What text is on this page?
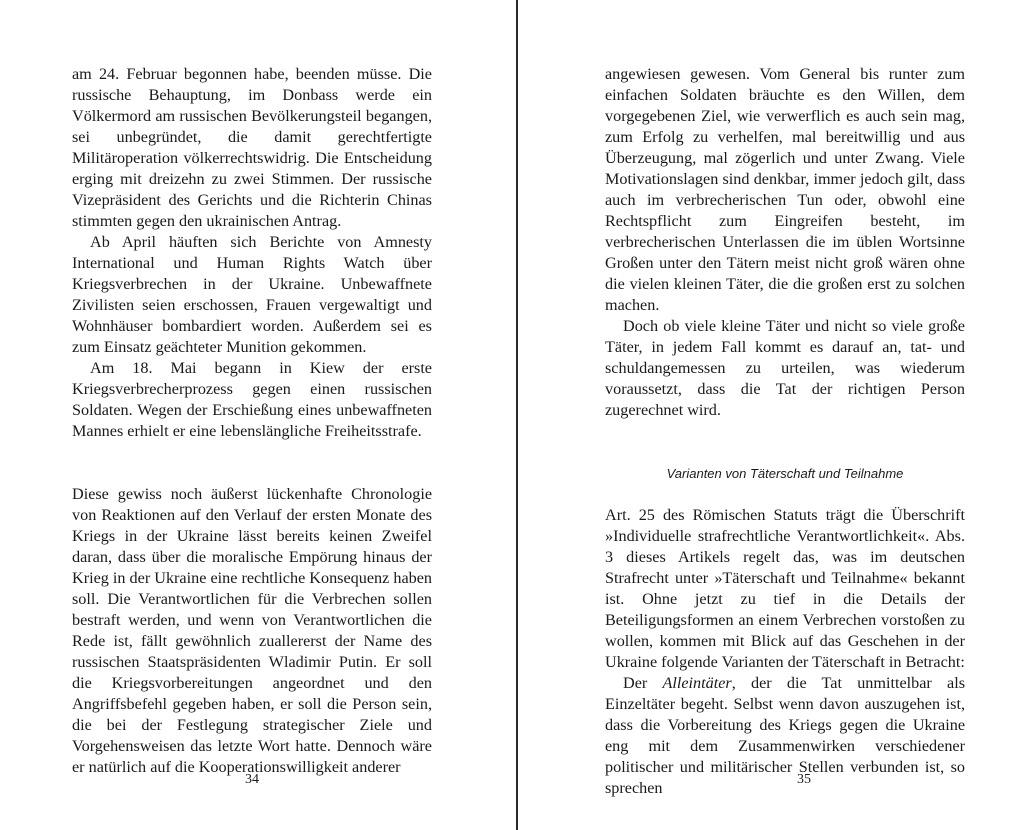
am 24. Februar begonnen habe, beenden müsse. Die russische Behauptung, im Donbass werde ein Völkermord am russischen Bevölkerungsteil begangen, sei unbegründet, die damit gerechtfertigte Militäroperation völkerrechtswidrig. Die Entscheidung erging mit dreizehn zu zwei Stimmen. Der russische Vizepräsident des Gerichts und die Richterin Chinas stimmten gegen den ukrainischen Antrag.

Ab April häuften sich Berichte von Amnesty International und Human Rights Watch über Kriegsverbrechen in der Ukraine. Unbewaffnete Zivilisten seien erschossen, Frauen vergewaltigt und Wohnhäuser bombardiert worden. Außerdem sei es zum Einsatz geächteter Munition gekommen.

Am 18. Mai begann in Kiew der erste Kriegsverbrecherprozess gegen einen russischen Soldaten. Wegen der Erschießung eines unbewaffneten Mannes erhielt er eine lebenslängliche Freiheitsstrafe.

Diese gewiss noch äußerst lückenhafte Chronologie von Reaktionen auf den Verlauf der ersten Monate des Kriegs in der Ukraine lässt bereits keinen Zweifel daran, dass über die moralische Empörung hinaus der Krieg in der Ukraine eine rechtliche Konsequenz haben soll. Die Verantwortlichen für die Verbrechen sollen bestraft werden, und wenn von Verantwortlichen die Rede ist, fällt gewöhnlich zuallererst der Name des russischen Staatspräsidenten Wladimir Putin. Er soll die Kriegsvorbereitungen angeordnet und den Angriffsbefehl gegeben haben, er soll die Person sein, die bei der Festlegung strategischer Ziele und Vorgehensweisen das letzte Wort hatte. Dennoch wäre er natürlich auf die Kooperationswilligkeit anderer

34

angewiesen gewesen. Vom General bis runter zum einfachen Soldaten bräuchte es den Willen, dem vorgegebenen Ziel, wie verwerflich es auch sein mag, zum Erfolg zu verhelfen, mal bereitwillig und aus Überzeugung, mal zögerlich und unter Zwang. Viele Motivationslagen sind denkbar, immer jedoch gilt, dass auch im verbrecherischen Tun oder, obwohl eine Rechtspflicht zum Eingreifen besteht, im verbrecherischen Unterlassen die im üblen Wortsinne Großen unter den Tätern meist nicht groß wären ohne die vielen kleinen Täter, die die großen erst zu solchen machen.

Doch ob viele kleine Täter und nicht so viele große Täter, in jedem Fall kommt es darauf an, tat- und schuldangemessen zu urteilen, was wiederum voraussetzt, dass die Tat der richtigen Person zugerechnet wird.

Varianten von Täterschaft und Teilnahme

Art. 25 des Römischen Statuts trägt die Überschrift »Individuelle strafrechtliche Verantwortlichkeit«. Abs. 3 dieses Artikels regelt das, was im deutschen Strafrecht unter »Täterschaft und Teilnahme« bekannt ist. Ohne jetzt zu tief in die Details der Beteiligungsformen an einem Verbrechen vorstoßen zu wollen, kommen mit Blick auf das Geschehen in der Ukraine folgende Varianten der Täterschaft in Betracht:

Der Alleintäter, der die Tat unmittelbar als Einzeltäter begeht. Selbst wenn davon auszugehen ist, dass die Vorbereitung des Kriegs gegen die Ukraine eng mit dem Zusammenwirken verschiedener politischer und militärischer Stellen verbunden ist, so sprechen	35
